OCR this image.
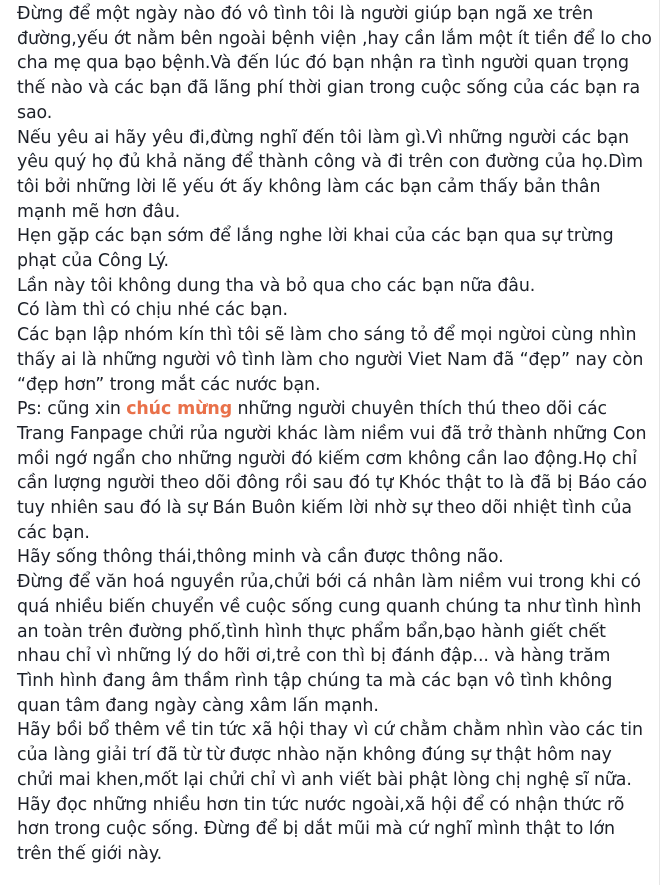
Đừng để một ngày nào đó vô tình tôi là người giúp bạn ngã xe trên đường,yếu ớt nằm bên ngoài bệnh viện ,hay cần lắm một ít tiền để lo cho cha mẹ qua bạo bệnh.Và đến lúc đó bạn nhận ra tình người quan trọng thế nào và các bạn đã lãng phí thời gian trong cuộc sống của các bạn ra sao.

Nếu yêu ai hãy yêu đi,đừng nghĩ đến tôi làm gì.Vì những người các bạn yêu quý họ đủ khả năng để thành công và đi trên con đường của họ.Dìm tôi bởi những lời lẽ yếu ớt ấy không làm các bạn cảm thấy bản thân mạnh mẽ hơn đâu.

Hẹn gặp các bạn sớm để lắng nghe lời khai của các bạn qua sự trừng phạt của Công Lý.

Lần này tôi không dung tha và bỏ qua cho các bạn nữa đâu.

Có làm thì có chịu nhé các bạn.

Các bạn lập nhóm kín thì tôi sẽ làm cho sáng tỏ để mọi ngừoi cùng nhìn thấy ai là những người vô tình làm cho người Viet Nam đã “đẹp” nay còn “đẹp hơn” trong mắt các nước bạn.

Ps: cũng xin chúc mừng những người chuyên thích thú theo dõi các Trang Fanpage chửi rủa người khác làm niềm vui đã trở thành những Con mồi ngớ ngẩn cho những người đó kiếm cơm không cần lao động.Họ chỉ cần lượng người theo dõi đông rồi sau đó tự Khóc thật to là đã bị Báo cáo tuy nhiên sau đó là sự Bán Buôn kiếm lời nhờ sự theo dõi nhiệt tình của các bạn.

Hãy sống thông thái,thông minh và cần được thông não.

Đừng để văn hoá nguyền rủa,chửi bới cá nhân làm niềm vui trong khi có quá nhiều biến chuyển về cuộc sống cung quanh chúng ta như tình hình an toàn trên đường phố,tình hình thực phẩm bẩn,bạo hành giết chết nhau chỉ vì những lý do hỡi ơi,trẻ con thì bị đánh đập... và hàng trăm Tình hình đang âm thầm rình tập chúng ta mà các bạn vô tình không quan tâm đang ngày càng xâm lấn mạnh.

Hãy bồi bổ thêm về tin tức xã hội thay vì cứ chằm chằm nhìn vào các tin của làng giải trí đã từ từ được nhào nặn không đúng sự thật hôm nay chửi mai khen,mốt lại chửi chỉ vì anh viết bài phật lòng chị nghệ sĩ nữa.

Hãy đọc những nhiều hơn tin tức nước ngoài,xã hội để có nhận thức rõ hơn trong cuộc sống. Đừng để bị dắt mũi mà cứ nghĩ mình thật to lớn trên thế giới này.
